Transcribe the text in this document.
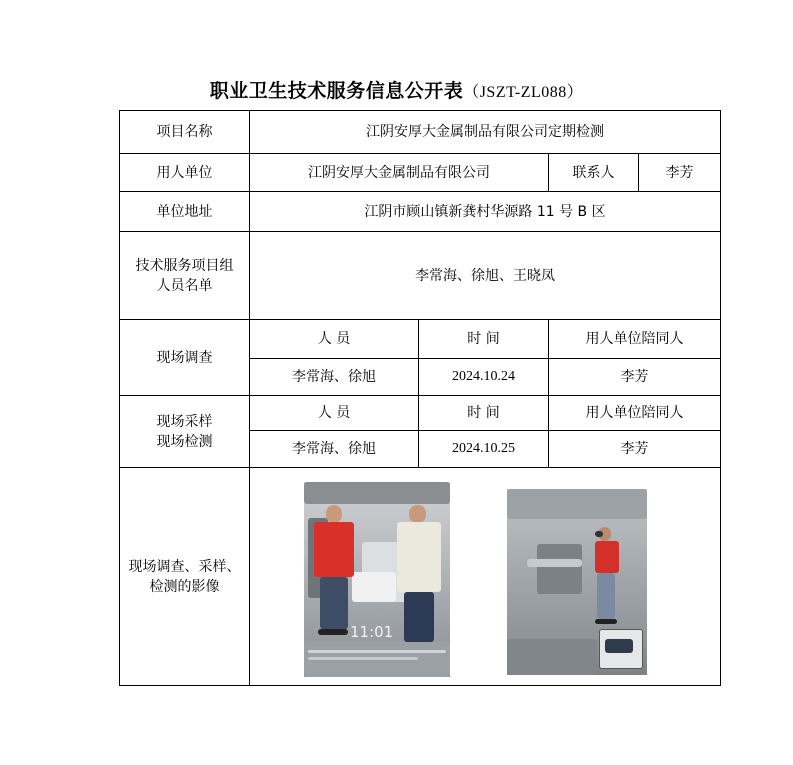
职业卫生技术服务信息公开表（JSZT-ZL088）
项目名称	江阴安厚大金属制品有限公司定期检测			
用人单位	江阴安厚大金属制品有限公司		联系人	李芳
单位地址	江阴市顾山镇新龚村华源路 11 号 B 区			

技术服务项目组
人员名单	李常海、徐旭、王晓凤			
现场调查	人 员	时 间	用人单位陪同人	
	李常海、徐旭	2024.10.24	李芳	

现场采样
现场检测	人 员	时 间	用人单位陪同人	
	李常海、徐旭	2024.10.25	李芳	

现场调查、采样、
检测的影像	11:01			
